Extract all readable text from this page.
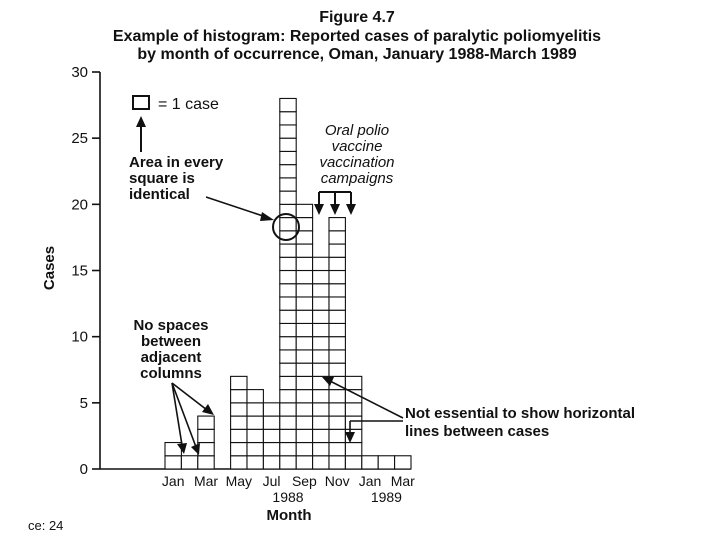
Figure 4.7
Example of histogram: Reported cases of paralytic poliomyelitis
by month of occurrence, Oman, January 1988-March 1989
Cases
0
5
10
15
20
25
30
Jan Mar May Jul Sep Nov Jan Mar
1988	1989
Month
= 1 case
Area in every
square is
identical
Oral polio
vaccine
vaccination
campaigns
No spaces
between
adjacent
columns
Not essential to show horizontal
lines between cases
ce: 24
